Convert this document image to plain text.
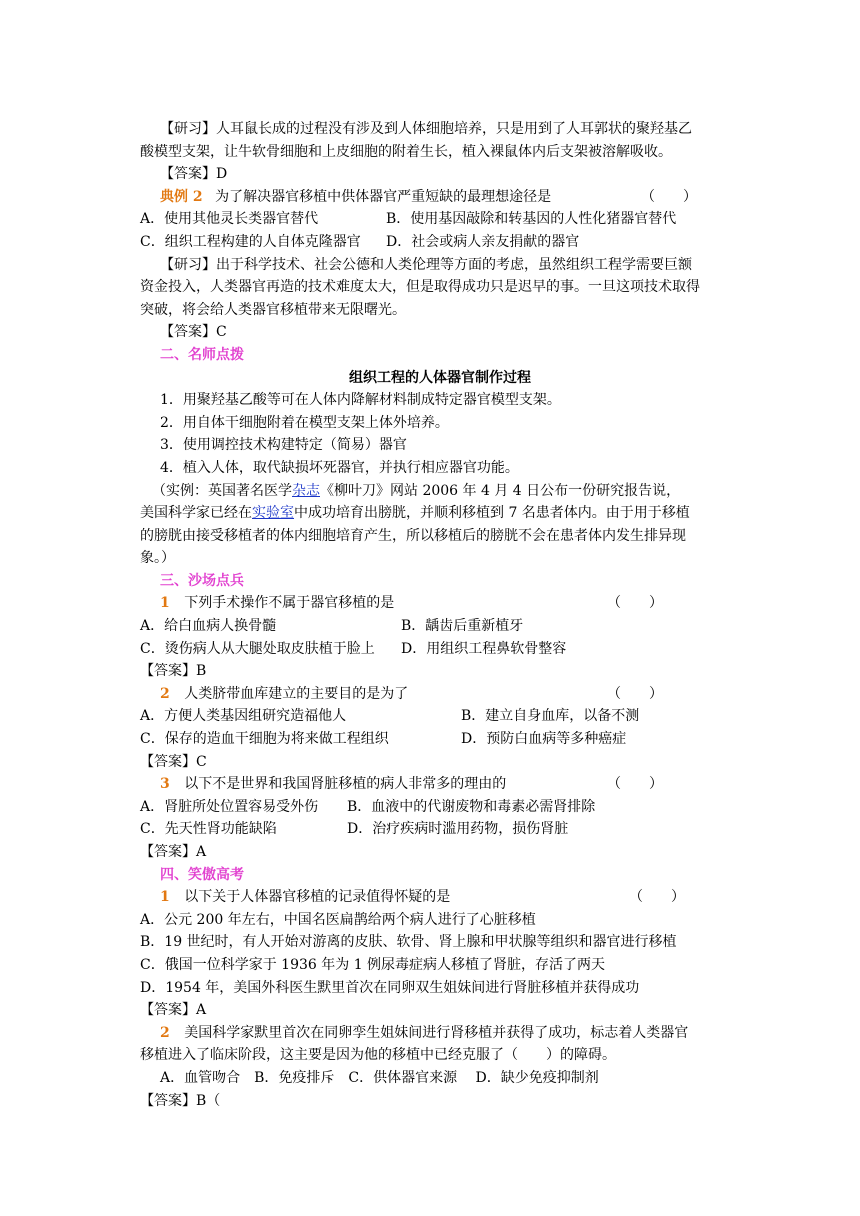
【研习】人耳鼠长成的过程没有涉及到人体细胞培养，只是用到了人耳郭状的聚羟基乙
酸模型支架，让牛软骨细胞和上皮细胞的附着生长，植入裸鼠体内后支架被溶解吸收。
【答案】D
典例 2 为了解决器官移植中供体器官严重短缺的最理想途径是	（　　）
A．使用其他灵长类器官替代	B．使用基因敲除和转基因的人性化猪器官替代
C．组织工程构建的人自体克隆器官 D．社会或病人亲友捐献的器官
【研习】出于科学技术、社会公德和人类伦理等方面的考虑，虽然组织工程学需要巨额
资金投入，人类器官再造的技术难度太大，但是取得成功只是迟早的事。一旦这项技术取得
突破，将会给人类器官移植带来无限曙光。
【答案】C
二、名师点拨
组织工程的人体器官制作过程
1．用聚羟基乙酸等可在人体内降解材料制成特定器官模型支架。
2．用自体干细胞附着在模型支架上体外培养。
3．使用调控技术构建特定（简易）器官
4．植入人体，取代缺损坏死器官，并执行相应器官功能。
（实例：英国著名医学杂志《柳叶刀》网站 2006 年 4 月 4 日公布一份研究报告说，
美国科学家已经在实验室中成功培育出膀胱，并顺利移植到 7 名患者体内。由于用于移植
的膀胱由接受移植者的体内细胞培育产生，所以移植后的膀胱不会在患者体内发生排异现
象。）
三、沙场点兵
1 下列手术操作不属于器官移植的是	（　　）
A．给白血病人换骨髓	B．龋齿后重新植牙
C．烫伤病人从大腿处取皮肤植于脸上 D．用组织工程鼻软骨整容
【答案】B
2 人类脐带血库建立的主要目的是为了	（　　）
A．方便人类基因组研究造福他人	B．建立自身血库，以备不测
C．保存的造血干细胞为将来做工程组织	D．预防白血病等多种癌症
【答案】C
3 以下不是世界和我国肾脏移植的病人非常多的理由的	（　　）
A．肾脏所处位置容易受外伤 B．血液中的代谢废物和毒素必需肾排除
C．先天性肾功能缺陷	D．治疗疾病时滥用药物，损伤肾脏
【答案】A
四、笑傲高考
1 以下关于人体器官移植的记录值得怀疑的是	（　　）
A．公元 200 年左右，中国名医扁鹊给两个病人进行了心脏移植
B．19 世纪时，有人开始对游离的皮肤、软骨、肾上腺和甲状腺等组织和器官进行移植
C．俄国一位科学家于 1936 年为 1 例尿毒症病人移植了肾脏，存活了两天
D．1954 年，美国外科医生默里首次在同卵双生姐妹间进行肾脏移植并获得成功
【答案】A
2 美国科学家默里首次在同卵孪生姐妹间进行肾移植并获得了成功，标志着人类器官
移植进入了临床阶段，这主要是因为他的移植中已经克服了（　　）的障碍。
A．血管吻合　B．免疫排斥　C．供体器官来源　 D．缺少免疫抑制剂
【答案】B（
